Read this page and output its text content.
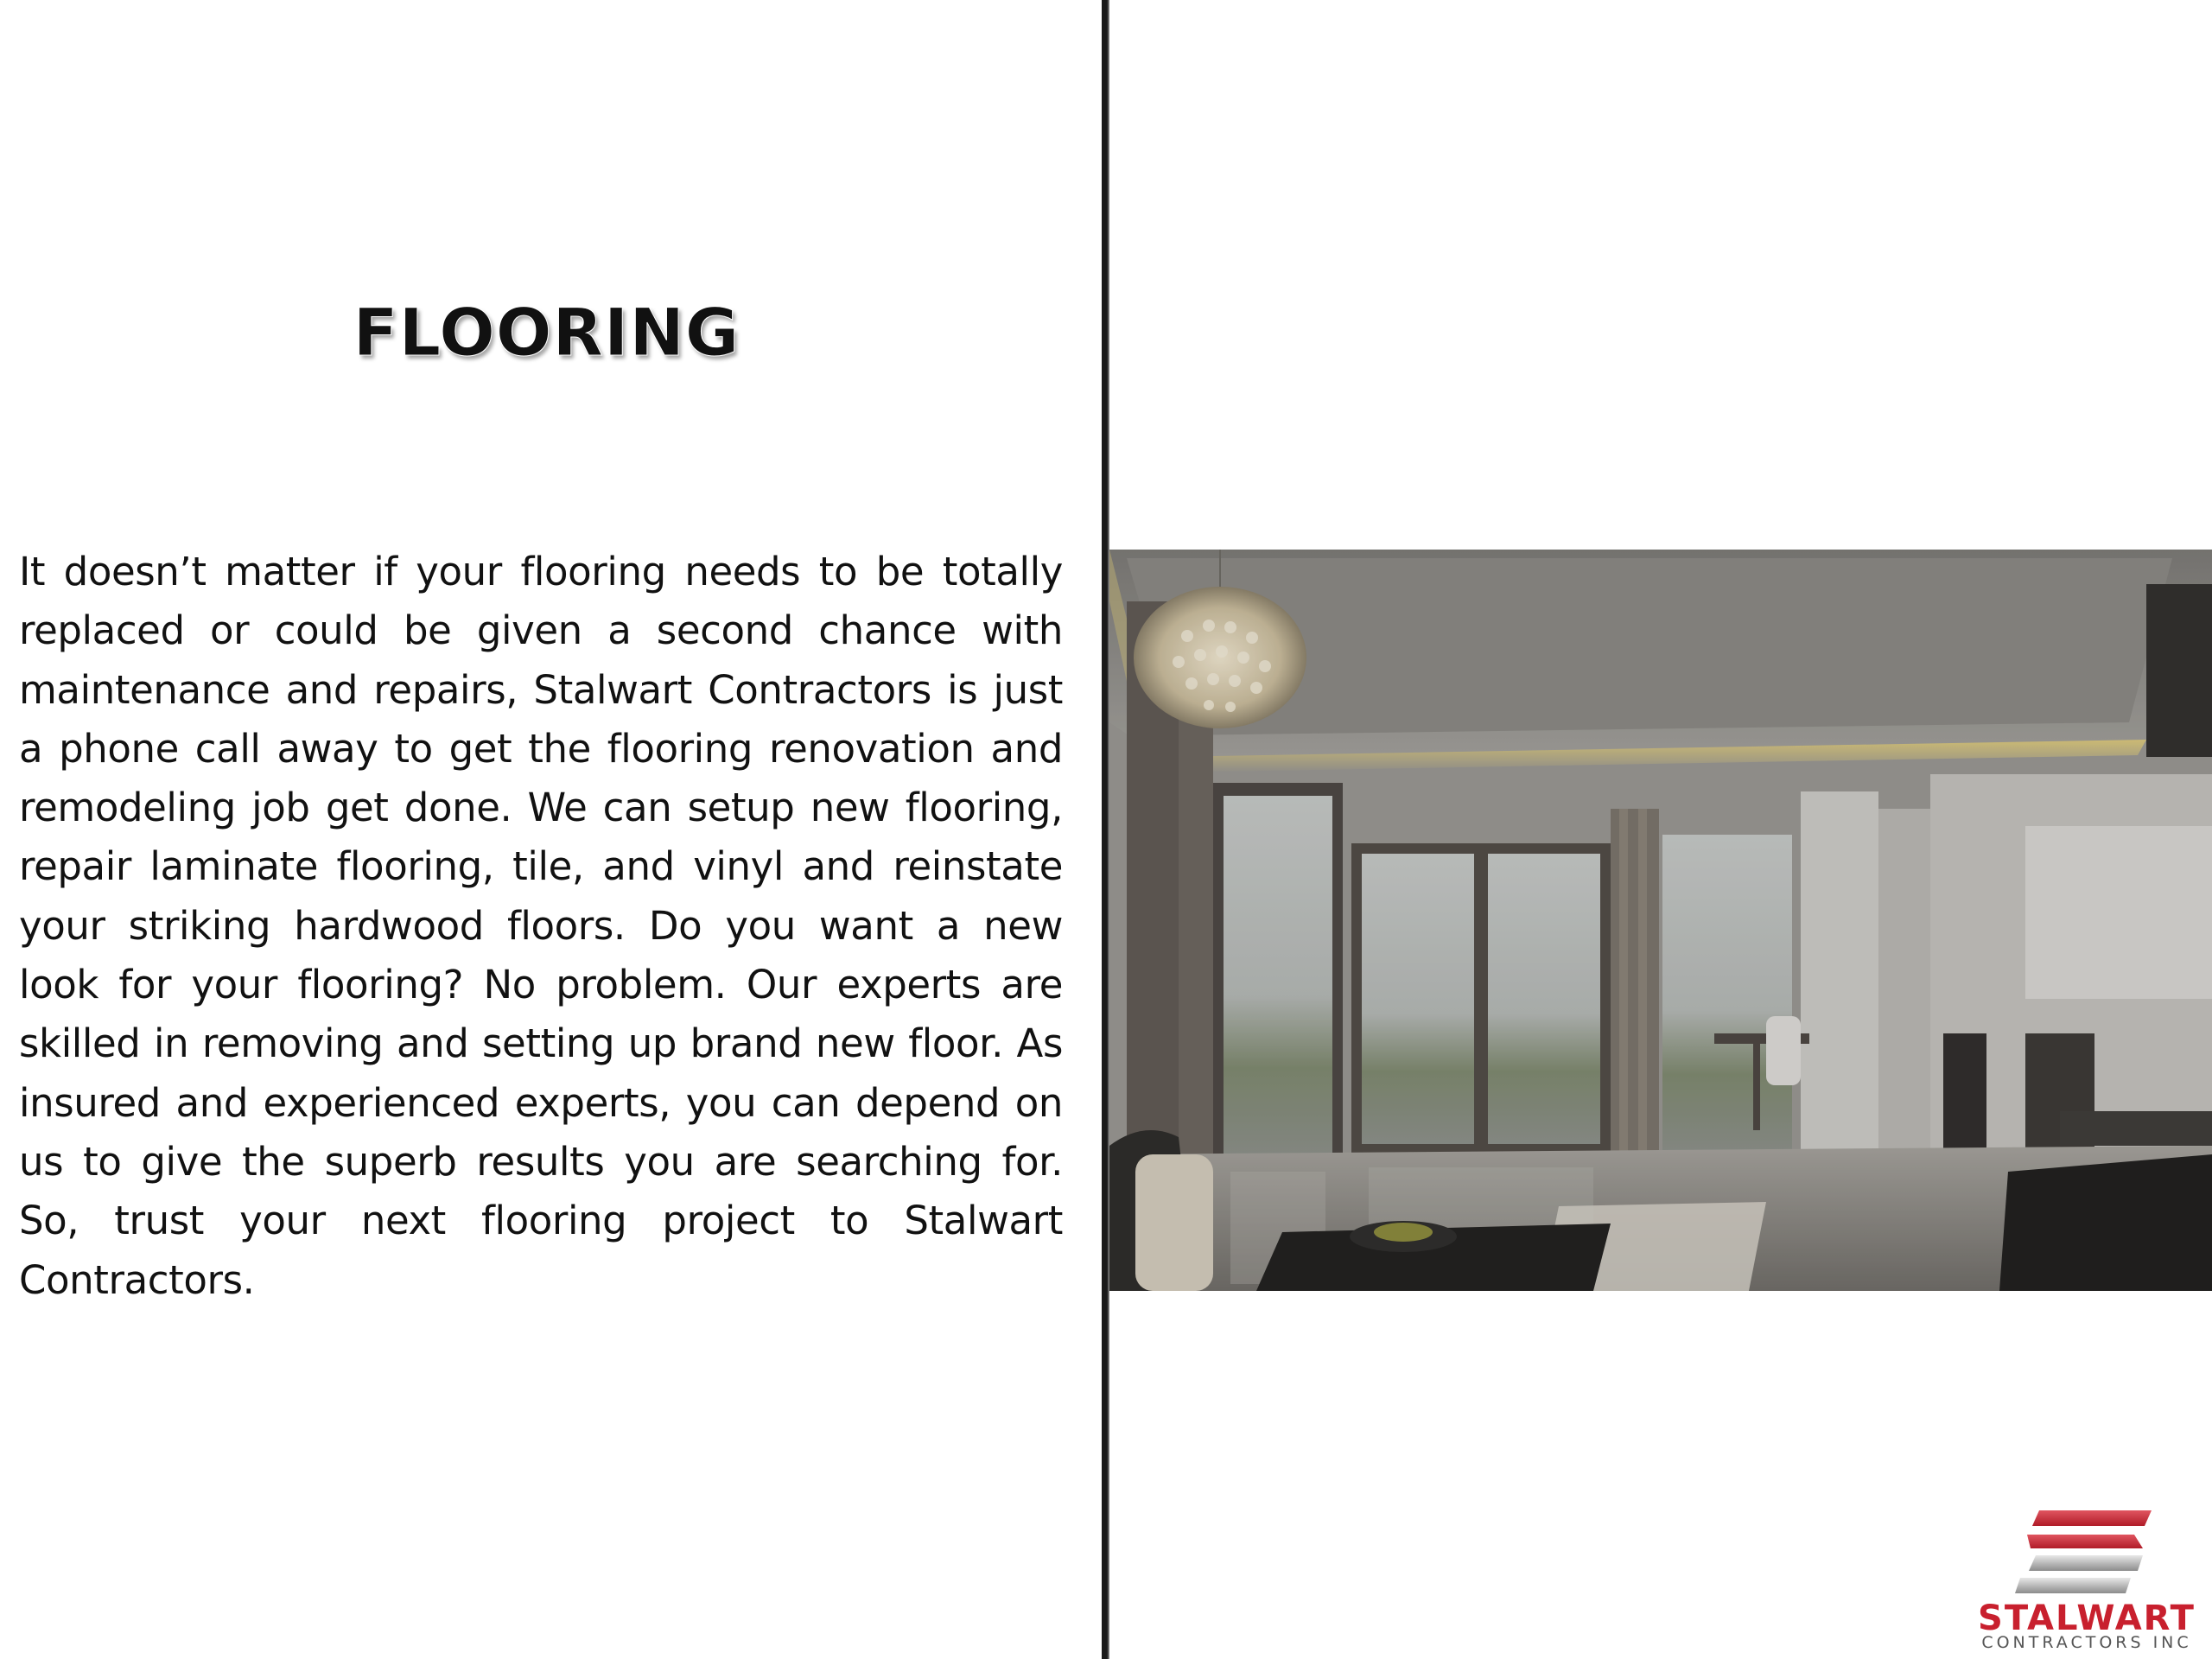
FLOORING
It doesn’t matter if your flooring needs to be totally replaced or could be given a second chance with maintenance and repairs, Stalwart Contractors is just a phone call away to get the flooring renovation and remodeling job get done. We can setup new flooring, repair laminate flooring, tile, and vinyl and reinstate your striking hardwood floors. Do you want a new look for your flooring? No problem. Our experts are skilled in removing and setting up brand new floor. As insured and experienced experts, you can depend on us to give the superb results you are searching for. So, trust your next flooring project to Stalwart Contractors.
STALWART
CONTRACTORS INC
